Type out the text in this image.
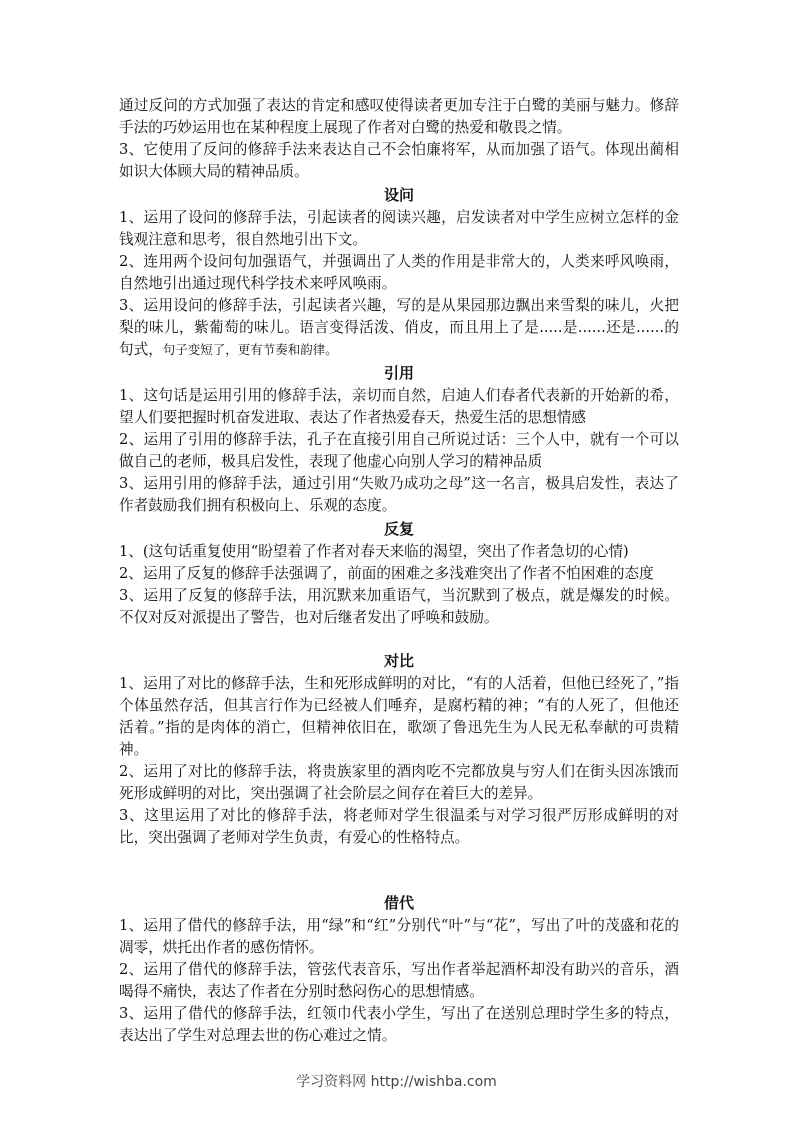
通过反问的方式加强了表达的肯定和感叹使得读者更加专注于白鹭的美丽与魅力。修辞手法的巧妙运用也在某种程度上展现了作者对白鹭的热爱和敬畏之情。

3、它使用了反问的修辞手法来表达自己不会怕廉将军，从而加强了语气。体现出蔺相如识大体顾大局的精神品质。

设问

1、运用了设问的修辞手法，引起读者的阅读兴趣，启发读者对中学生应树立怎样的金钱观注意和思考，很自然地引出下文。

2、连用两个设问句加强语气，并强调出了人类的作用是非常大的，人类来呼风唤雨，自然地引出通过现代科学技术来呼风唤雨。

3、运用设问的修辞手法，引起读者兴趣，写的是从果园那边飘出来雪梨的味儿，火把梨的味儿，紫葡萄的味儿。语言变得活泼、俏皮，而且用上了是.....是......还是......的句式，句子变短了，更有节奏和韵律。

引用

1、这句话是运用引用的修辞手法，亲切而自然，启迪人们春者代表新的开始新的希，望人们要把握时机奋发进取、表达了作者热爱春天，热爱生活的思想情感

2、运用了引用的修辞手法，孔子在直接引用自己所说过话：三个人中，就有一个可以做自己的老师，极具启发性，表现了他虚心向别人学习的精神品质

3、运用引用的修辞手法，通过引用“失败乃成功之母”这一名言，极具启发性，表达了作者鼓励我们拥有积极向上、乐观的态度。

反复

1、(这句话重复使用“盼望着了作者对春天来临的渴望，突出了作者急切的心情)

2、运用了反复的修辞手法强调了，前面的困难之多浅难突出了作者不怕困难的态度

3、运用了反复的修辞手法，用沉默来加重语气，当沉默到了极点，就是爆发的时候。不仅对反对派提出了警告，也对后继者发出了呼唤和鼓励。

对比

1、运用了对比的修辞手法，生和死形成鲜明的对比，“有的人活着，但他已经死了，”指个体虽然存活，但其言行作为已经被人们唾弃，是腐朽精的神；“有的人死了，但他还活着。”指的是肉体的消亡，但精神依旧在，歌颂了鲁迅先生为人民无私奉献的可贵精神。

2、运用了对比的修辞手法，将贵族家里的酒肉吃不完都放臭与穷人们在街头因冻饿而死形成鲜明的对比，突出强调了社会阶层之间存在着巨大的差异。

3、这里运用了对比的修辞手法，将老师对学生很温柔与对学习很严厉形成鲜明的对比，突出强调了老师对学生负责，有爱心的性格特点。

借代

1、运用了借代的修辞手法，用“绿”和“红”分别代“叶”与“花”，写出了叶的茂盛和花的凋零，烘托出作者的感伤情怀。

2、运用了借代的修辞手法，管弦代表音乐，写出作者举起酒杯却没有助兴的音乐，酒喝得不痛快，表达了作者在分别时愁闷伤心的思想情感。

3、运用了借代的修辞手法，红领巾代表小学生，写出了在送别总理时学生多的特点，表达出了学生对总理去世的伤心难过之情。

学习资料网 http://wishba.com
